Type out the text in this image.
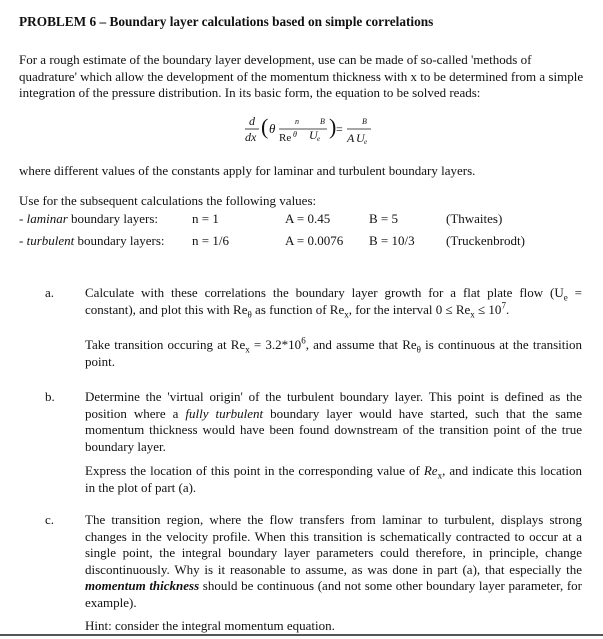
PROBLEM 6 – Boundary layer calculations based on simple correlations
For a rough estimate of the boundary layer development, use can be made of so-called 'methods of quadrature' which allow the development of the momentum thickness with x to be determined from a simple integration of the pressure distribution. In its basic form, the equation to be solved reads:
d
dx ( θ
Re θ
n
U e
B ) =
B
A U e
where different values of the constants apply for laminar and turbulent boundary layers.
Use for the subsequent calculations the following values:
- laminar boundary layers:	n = 1	A = 0.45	B = 5	(Thwaites)
- turbulent boundary layers: n = 1/6	A = 0.0076 B = 10/3 (Truckenbrodt)
a. Calculate with these correlations the boundary layer growth for a flat plate flow ($U_e$ = constant), and plot this with $Re_\theta$ as function of $Re_x$, for the interval $0 \le Re_x \le 10^7$.
Take transition occuring at $Re_x = 3.2*10^6$, and assume that $Re_\theta$ is continuous at the transition point.
b. Determine the 'virtual origin' of the turbulent boundary layer. This point is defined as the position where a fully turbulent boundary layer would have started, such that the same momentum thickness would have been found downstream of the transition point of the true boundary layer.
Express the location of this point in the corresponding value of $Re_x$, and indicate this location in the plot of part (a).
c. The transition region, where the flow transfers from laminar to turbulent, displays strong changes in the velocity profile. When this transition is schematically contracted to occur at a single point, the integral boundary layer parameters could therefore, in principle, change discontinuously. Why is it reasonable to assume, as was done in part (a), that especially the momentum thickness should be continuous (and not some other boundary layer parameter, for example).
Hint: consider the integral momentum equation.
